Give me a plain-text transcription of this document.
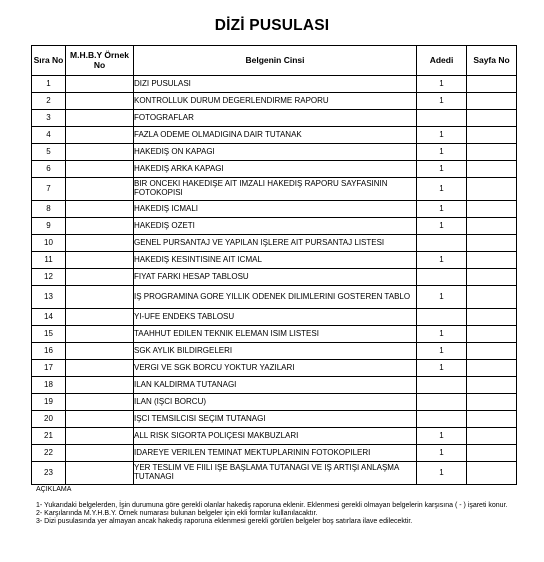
DİZİ PUSULASI
Sıra No	M.H.B.Y Örnek No	Belgenin Cinsi	Adedi	Sayfa No
1		DIZI PUSULASI	1	
2		KONTROLLUK DURUM DEGERLENDIRME RAPORU	1	
3		FOTOGRAFLAR		
4		FAZLA ODEME OLMADIGINA DAIR TUTANAK	1	
5		HAKEDIŞ ON KAPAGI	1	
6		HAKEDIŞ ARKA KAPAGI	1	
7		BIR ONCEKI HAKEDIŞE AIT IMZALI HAKEDIŞ RAPORU SAYFASININ FOTOKOPISI	1	
8		HAKEDIŞ ICMALI	1	
9		HAKEDIŞ OZETI	1	
10		GENEL PURSANTAJ VE YAPILAN IŞLERE AIT PURSANTAJ LISTESI		
11		HAKEDIŞ KESINTISINE AIT ICMAL	1	
12		FIYAT FARKI HESAP TABLOSU		
13		IŞ PROGRAMINA GORE YILLIK ODENEK DILIMLERINI GOSTEREN TABLO	1	
14		YI-UFE ENDEKS TABLOSU		
15		TAAHHUT EDILEN TEKNIK ELEMAN ISIM LISTESI	1	
16		SGK AYLIK BILDIRGELERI	1	
17		VERGI VE SGK BORCU YOKTUR YAZILARI	1	
18		ILAN KALDIRMA TUTANAGI		
19		ILAN (IŞCI BORCU)		
20		IŞCI TEMSILCISI SEÇIM TUTANAGI		
21		ALL RISK SIGORTA POLIÇESI MAKBUZLARI	1	
22		IDAREYE VERILEN TEMINAT MEKTUPLARININ FOTOKOPILERI	1	
23		YER TESLIM VE FIILI IŞE BAŞLAMA TUTANAGI VE IŞ ARTIŞI ANLAŞMA TUTANAGI	1	
AÇIKLAMA
1- Yukarıdaki belgelerden, İşin durumuna göre gerekli olanlar hakediş raporuna eklenir. Eklenmesi gerekli olmayan belgelerin karşısına ( - ) işareti konur.
2- Karşılarında M.Y.H.B.Y. Örnek numarası bulunan belgeler için ekli formlar kullanılacaktır.
3- Dizi pusulasında yer almayan ancak hakediş raporuna eklenmesi gerekli görülen belgeler boş satırlara ilave edilecektir.
